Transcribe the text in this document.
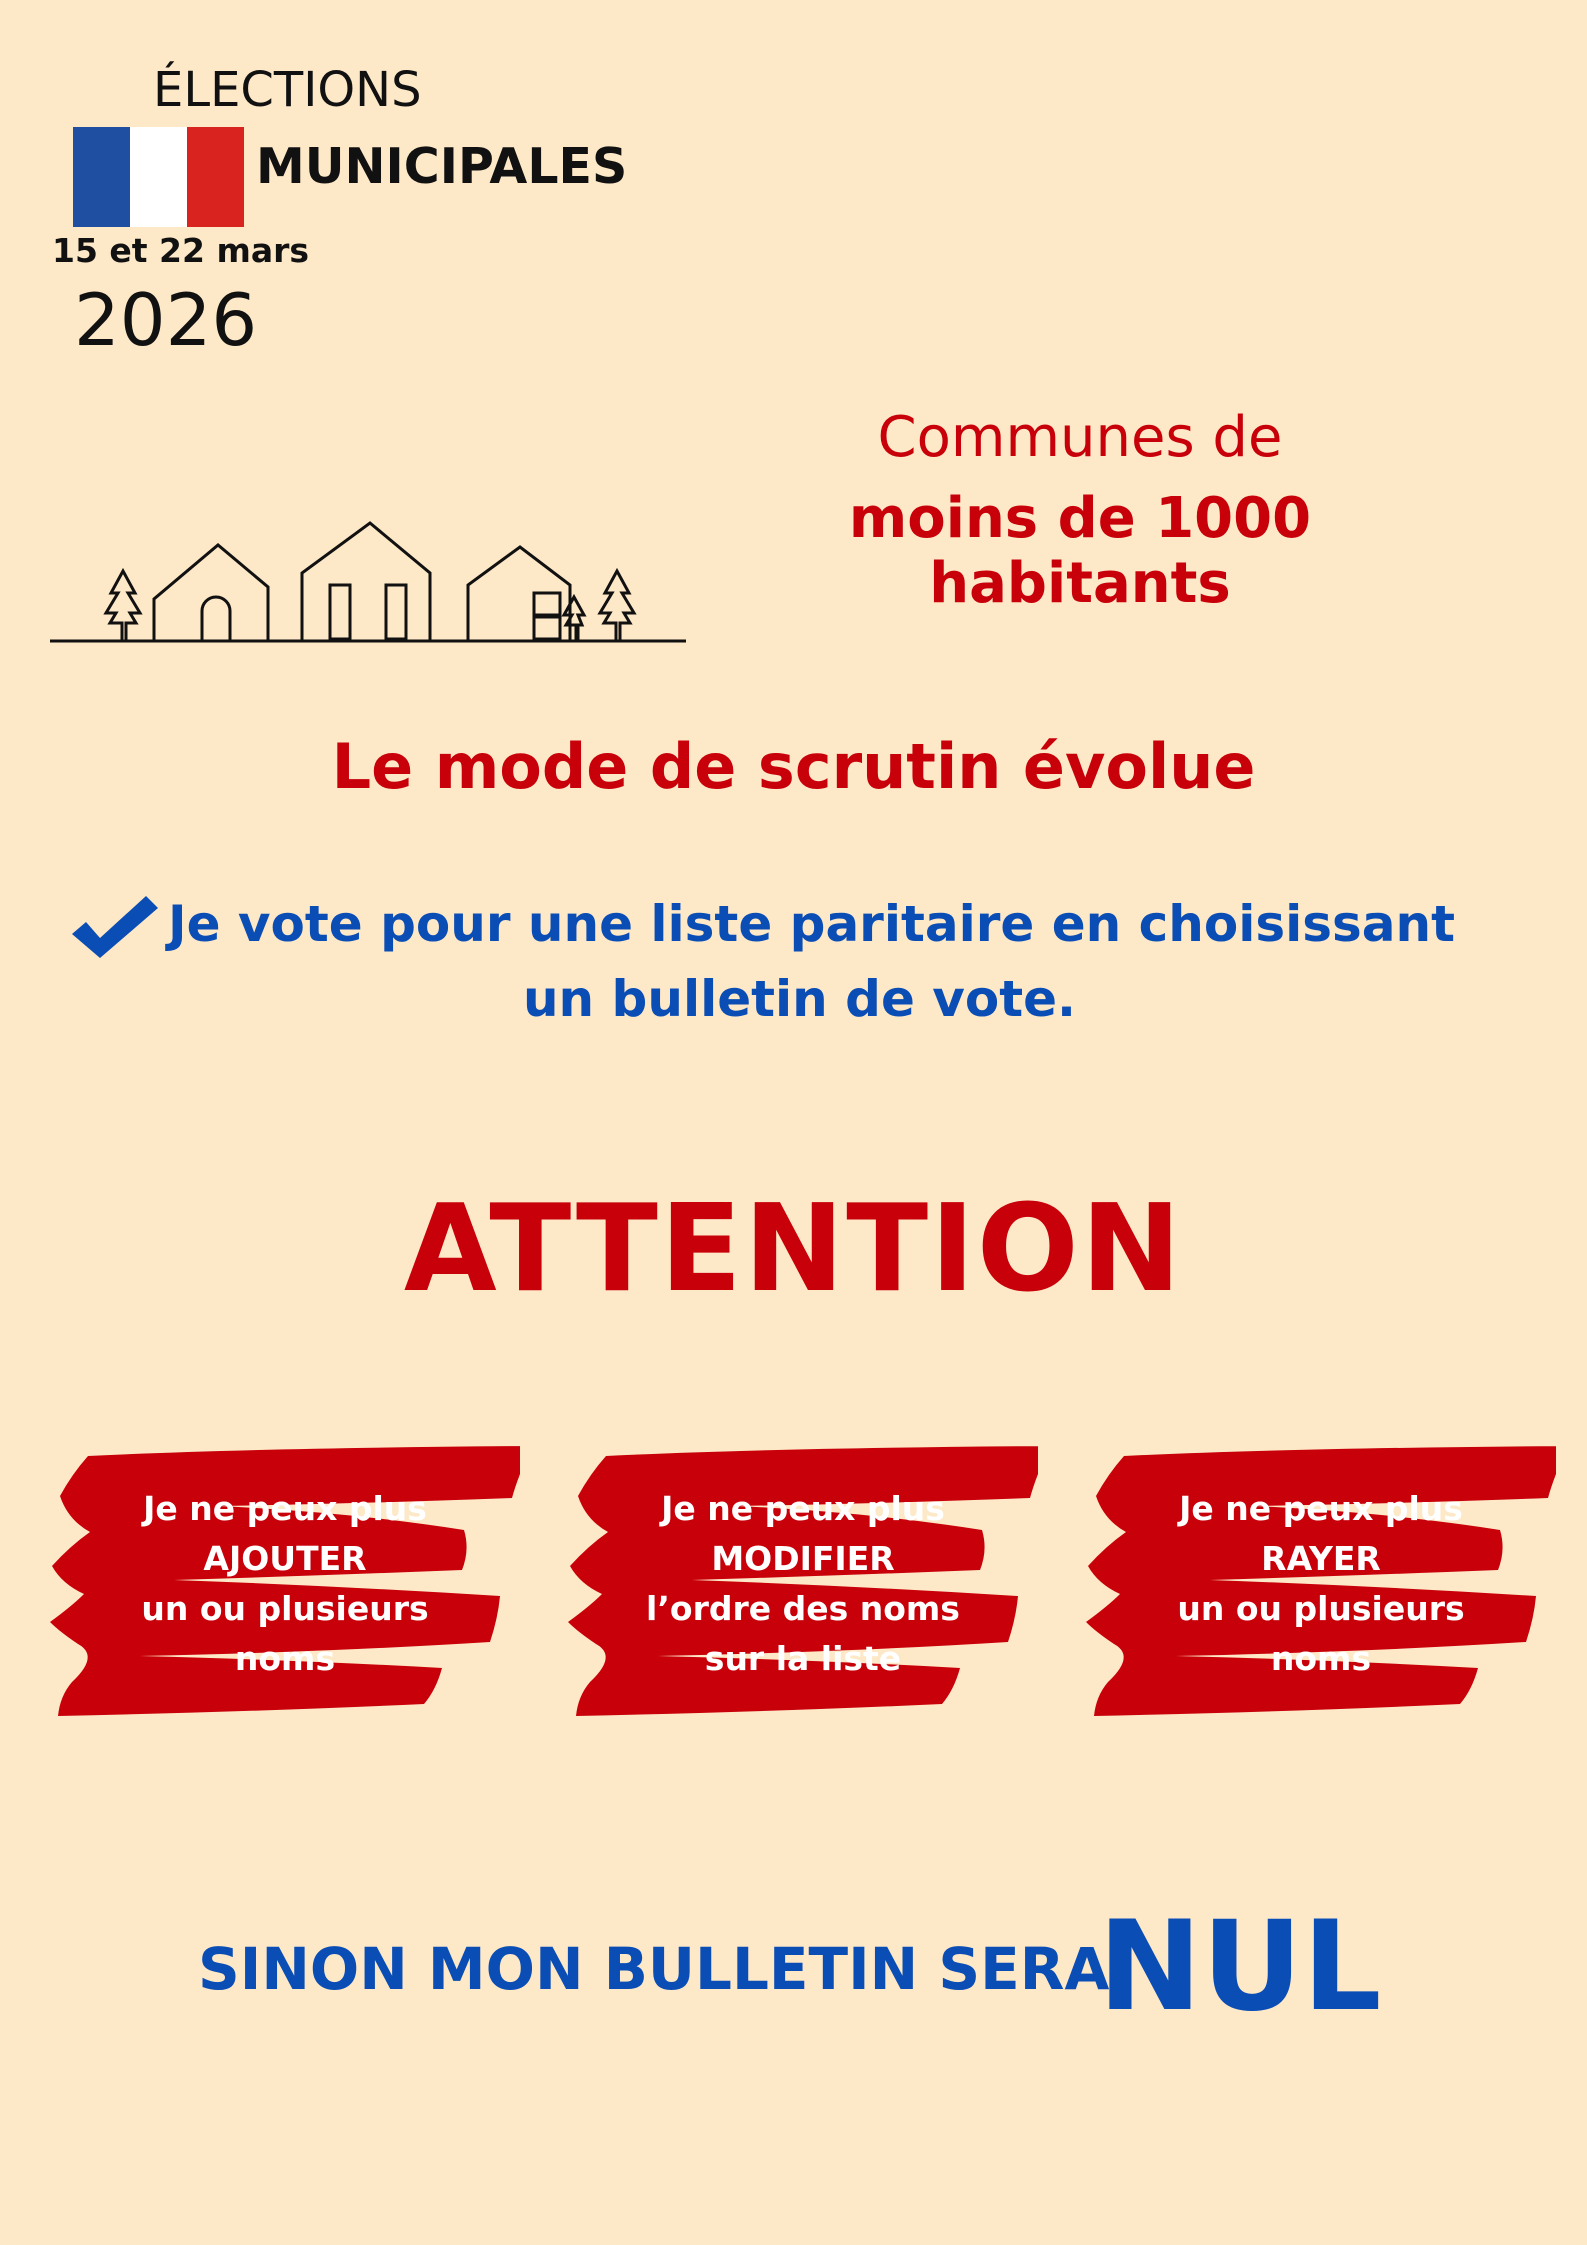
ÉLECTIONS
MUNICIPALES
15 et 22 mars
2026
Communes de
moins de 1000 habitants
Le mode de scrutin évolue
Je vote pour une liste paritaire en choisissant
un bulletin de vote.
ATTENTION
Je ne peux plus
AJOUTER
un ou plusieurs
noms
Je ne peux plus
MODIFIER
l’ordre des noms
sur la liste
Je ne peux plus
RAYER
un ou plusieurs
noms
SINON MON BULLETIN SERA
NUL
